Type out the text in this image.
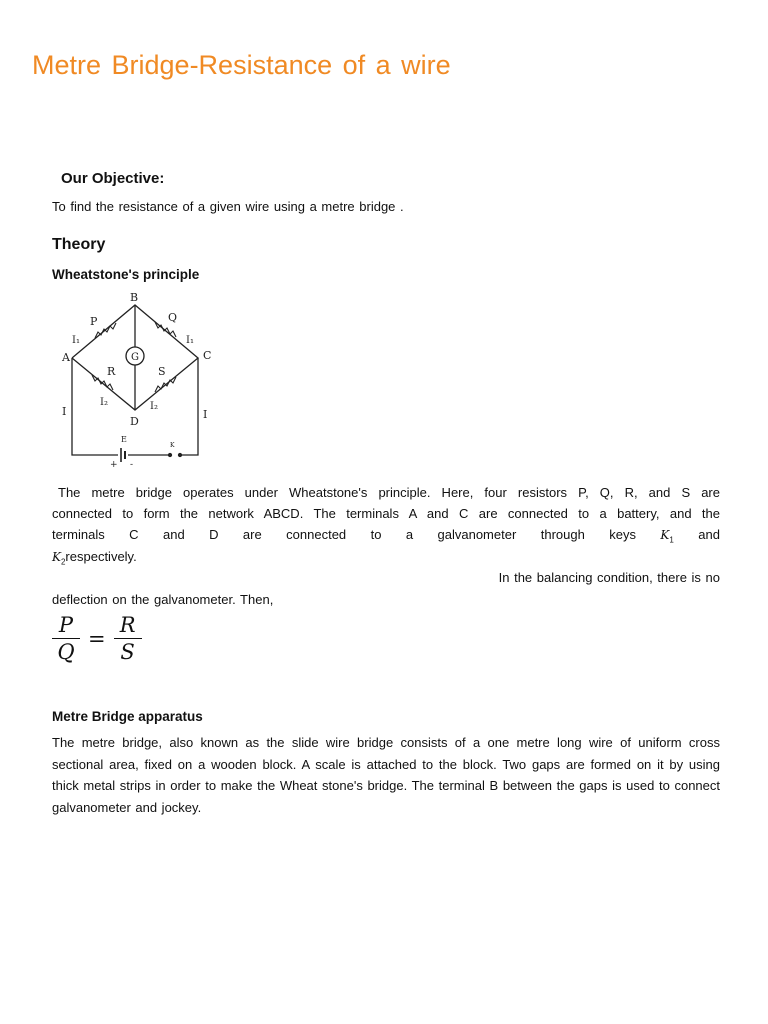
Metre Bridge-Resistance of a wire
Our Objective:
To find the resistance of a given wire using a metre bridge .
Theory
Wheatstone's principle
B
A	C
D
P	Q
R	S
G
I₁	I₁
I₂	I₂
I	I
E
K
+ -
The metre bridge operates under Wheatstone's principle. Here, four resistors P, Q, R, and S are
connected to form the network ABCD. The terminals A and C are connected to a battery, and the
terminals C and D are connected to a galvanometer through keys $K_1$ and
$K_2respectively$.
In the balancing condition, there is no
deflection on the galvanometer. Then,
P
Q
=
R
S
Metre Bridge apparatus
The metre bridge, also known as the slide wire bridge consists of a one metre long wire of uniform cross sectional area, fixed on a wooden block. A scale is attached to the block. Two gaps are formed on it by using thick metal strips in order to make the Wheat stone's bridge. The terminal B between the gaps is used to connect galvanometer and jockey.
